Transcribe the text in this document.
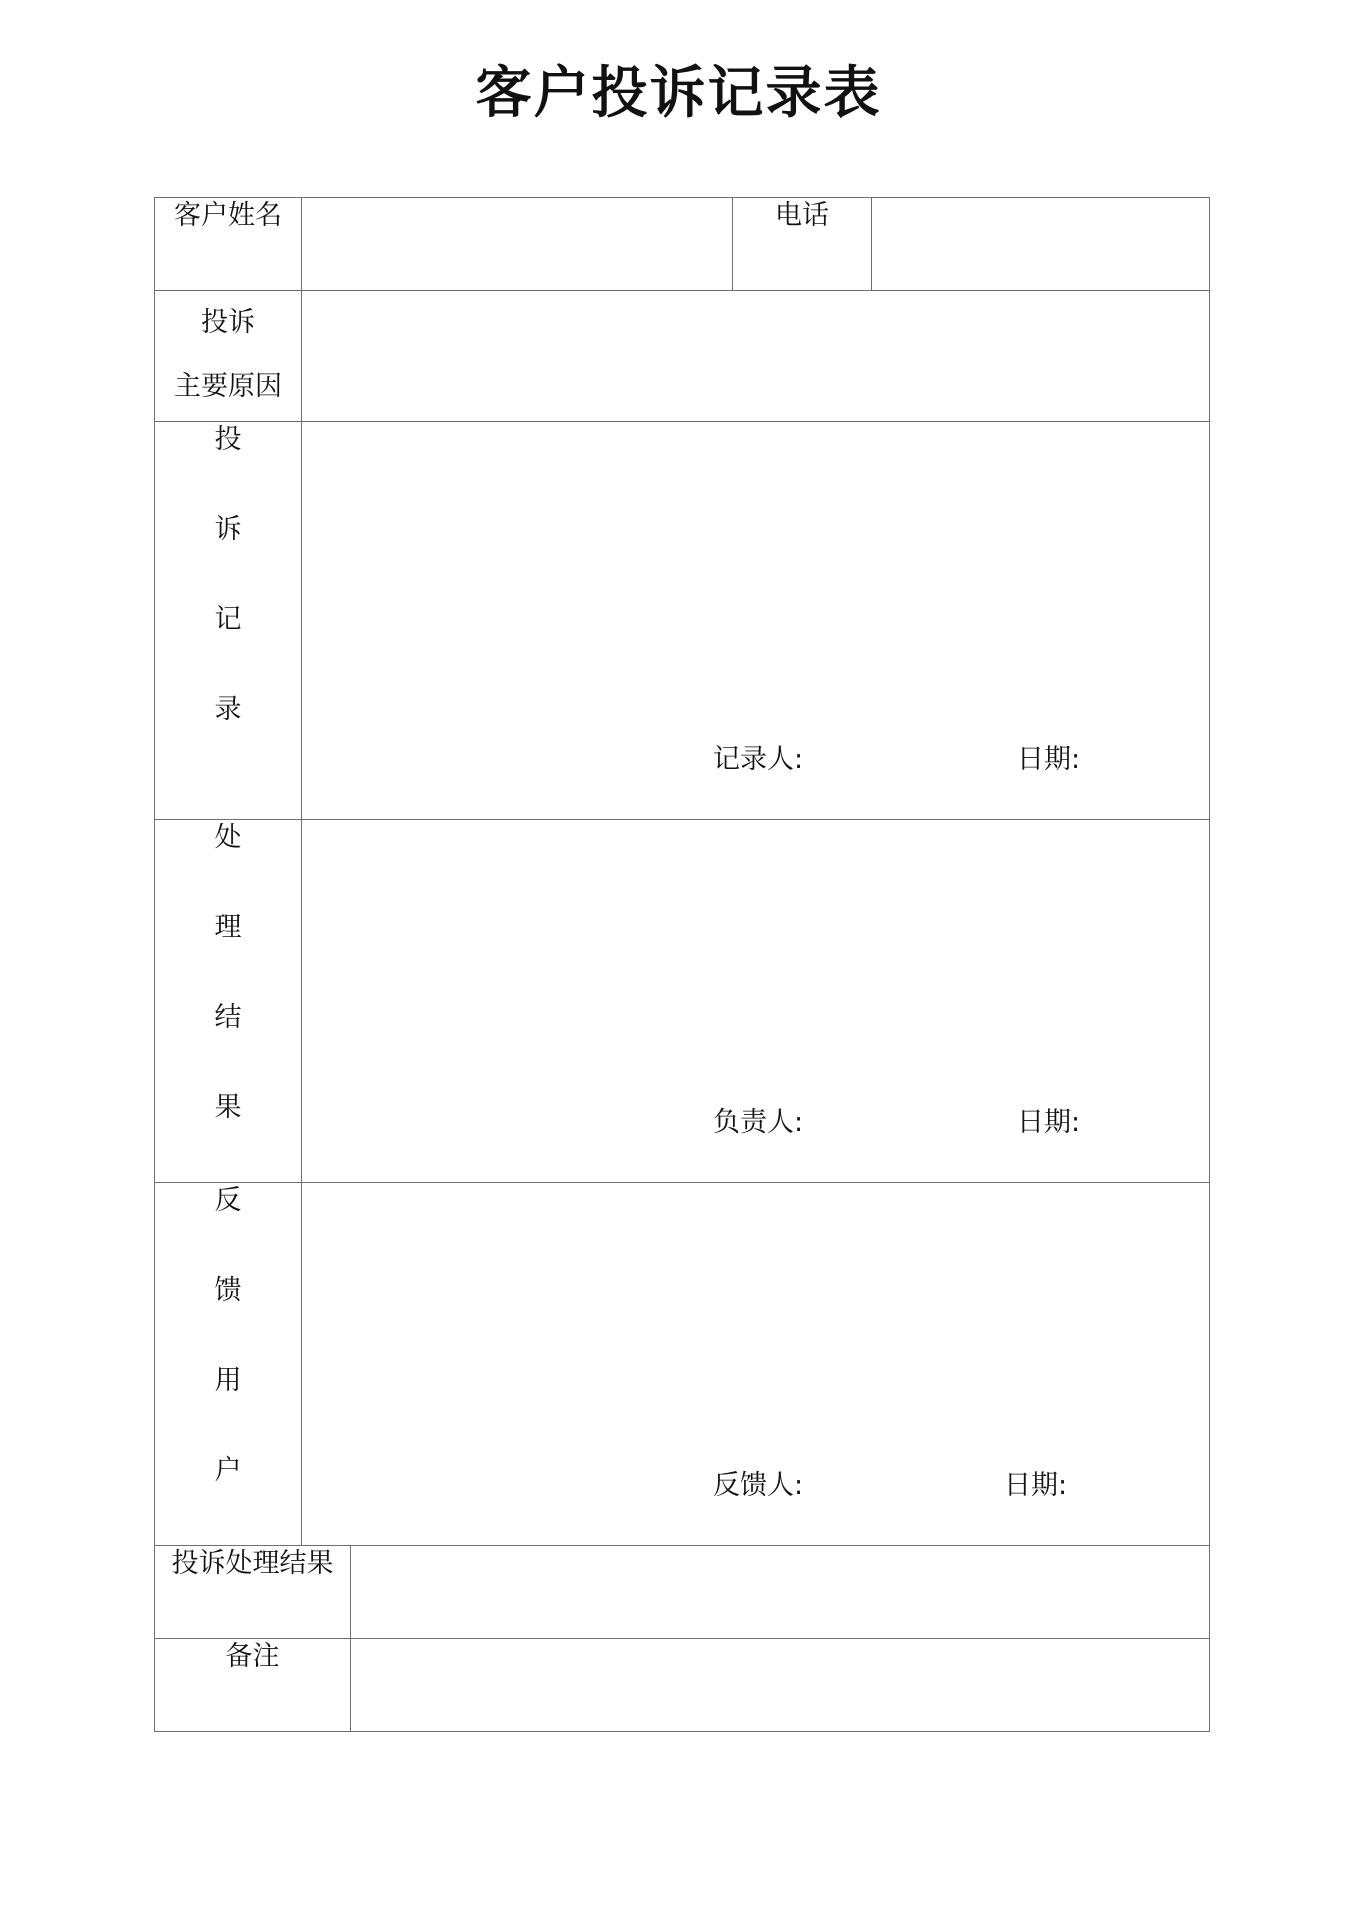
客户投诉记录表
客户姓名			电话	

投诉
主要原因				

投
诉
记
录	记录人: 日期:			

处
理
结
果	负责人: 日期:			

反
馈
用
户	反馈人: 日期:			

投诉处理结果				

备注				
